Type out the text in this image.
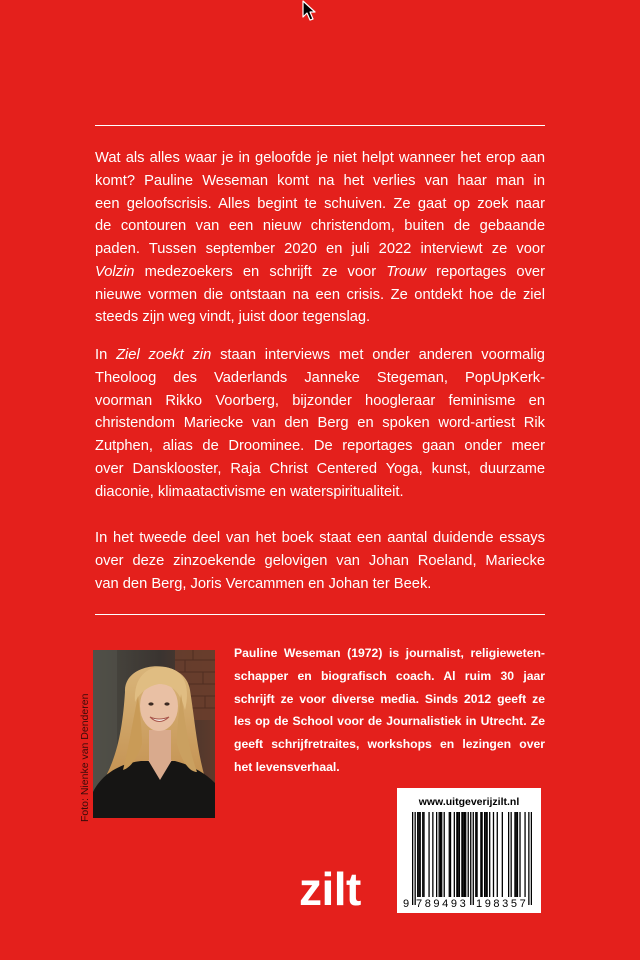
Wat als alles waar je in geloofde je niet helpt wanneer het erop aan
komt? Pauline Weseman komt na het verlies van haar man in
een geloofscrisis. Alles begint te schuiven. Ze gaat op zoek naar
de contouren van een nieuw christendom, buiten de gebaande
paden. Tussen september 2020 en juli 2022 interviewt ze voor
Volzin medezoekers en schrijft ze voor Trouw reportages over
nieuwe vormen die ontstaan na een crisis. Ze ontdekt hoe de ziel
steeds zijn weg vindt, juist door tegenslag.
In Ziel zoekt zin staan interviews met onder anderen voormalig
Theoloog des Vaderlands Janneke Stegeman, PopUpKerk-
voorman Rikko Voorberg, bijzonder hoogleraar feminisme en
christendom Mariecke van den Berg en spoken word-artiest Rik
Zutphen, alias de Droominee. De reportages gaan onder meer
over Dansklooster, Raja Christ Centered Yoga, kunst, duurzame
diaconie, klimaatactivisme en waterspiritualiteit.
In het tweede deel van het boek staat een aantal duidende essays
over deze zinzoekende gelovigen van Johan Roeland, Mariecke
van den Berg, Joris Vercammen en Johan ter Beek.
Foto: Nienke van Denderen
Pauline Weseman (1972) is journalist, religieweten-
schapper en biografisch coach. Al ruim 30 jaar
schrijft ze voor diverse media. Sinds 2012 geeft ze
les op de School voor de Journalistiek in Utrecht. Ze
geeft schrijfretraites, workshops en lezingen over
het levensverhaal.
zilt
www.uitgeverijzilt.nl
9 789493 198357
